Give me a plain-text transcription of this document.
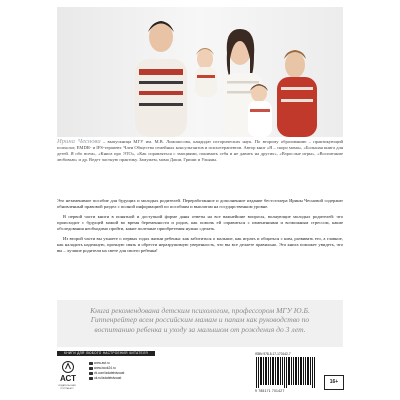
Ирина Чеснова – выпускница МГУ им. М.В. Ломоносова, кандидат исторических наук. По второму образованию – практикующий психолог, EMDR- и IFS-терапевт. Член Общества семейных консультантов и психотерапевтов. Автор книг «Я – скоро мама», «Большая книга для детей. Я обо всем», «Книга про ЭТО», «Как справляться с эмоциями, понимать себя и не давить на других», «Взрослые игры», «Воспитание любовью» и др. Ведет частную практику. Замужем, мама Даши, Гриши и Ульяны.

Это незаменимое пособие для будущих и молодых родителей. Переработанное и дополненное издание бестселлера Ирины Чесновой содержит обновленный правовой раздел с полной информацией по пособиям и выплатам на государственном уровне.

В первой части книги в понятной и доступной форме даны ответы на все важнейшие вопросы, волнующие молодых родителей: что происходит с будущей мамой во время беременности и родов, как помочь ей справиться с изменениями и возможным стрессом, какие обследования необходимо пройти, какие полезные приобретения нужно сделать.

Из второй части вы узнаете о первых годах жизни ребенка: как заботиться о малыше, как играть и общаться с ним, развивать его, а главное, как наладить надежную, прочную связь и обрести неразрушимую уверенность, что вы все делаете правильно. Эта книга поможет увидеть, что вы – лучшие родители на свете для своего ребенка!

Книга рекомендована детским психологом, профессором МГУ Ю.Б. Гиппенрейтер всем российским мамам и папам как руководство по воспитанию ребенка и уходу за малышом от рождения до 3 лет.
КНИГИ ДЛЯ ЛЮБОГО НАСТРОЕНИЯ ЧИТАТЕЛЯ
АСТ
ИЗДАТЕЛЬСКАЯ ГРУППА АСТ
www.ast.ru
www.book24.ru
vk.com/izdatelstvoast
ok.ru/izdatelstvoast
ISBN 978-5-17-170142-7
9 785171 701427
16+
